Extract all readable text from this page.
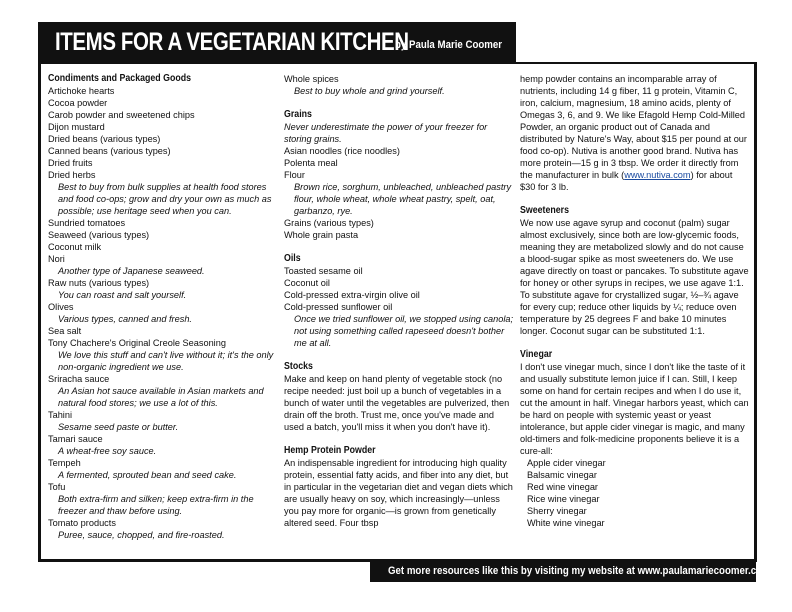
ITEMS FOR A VEGETARIAN KITCHEN
by Paula Marie Coomer
Condiments and Packaged Goods
Artichoke hearts
Cocoa powder
Carob powder and sweetened chips
Dijon mustard
Dried beans (various types)
Canned beans (various types)
Dried fruits
Dried herbs
Best to buy from bulk supplies at health food stores and food co-ops; grow and dry your own as much as possible; use heritage seed when you can.
Sundried tomatoes
Seaweed (various types)
Coconut milk
Nori
Another type of Japanese seaweed.
Raw nuts (various types)
You can roast and salt yourself.
Olives
Various types, canned and fresh.
Sea salt
Tony Chachere's Original Creole Seasoning
We love this stuff and can't live without it; it's the only non-organic ingredient we use.
Sriracha sauce
An Asian hot sauce available in Asian markets and natural food stores; we use a lot of this.
Tahini
Sesame seed paste or butter.
Tamari sauce
A wheat-free soy sauce.
Tempeh
A fermented, sprouted bean and seed cake.
Tofu
Both extra-firm and silken; keep extra-firm in the freezer and thaw before using.
Tomato products
Puree, sauce, chopped, and fire-roasted.
Whole spices
Best to buy whole and grind yourself.
Grains
Never underestimate the power of your freezer for storing grains.
Asian noodles (rice noodles)
Polenta meal
Flour
Brown rice, sorghum, unbleached, unbleached pastry flour, whole wheat, whole wheat pastry, spelt, oat, garbanzo, rye.
Grains (various types)
Whole grain pasta
Oils
Toasted sesame oil
Coconut oil
Cold-pressed extra-virgin olive oil
Cold-pressed sunflower oil
Once we tried sunflower oil, we stopped using canola; not using something called rapeseed doesn't bother me at all.
Stocks
Make and keep on hand plenty of vegetable stock (no recipe needed: just boil up a bunch of vegetables in a bunch of water until the vegetables are pulverized, then drain off the broth. Trust me, once you've made and used a batch, you'll miss it when you don't have it).
Hemp Protein Powder
An indispensable ingredient for introducing high quality protein, essential fatty acids, and fiber into any diet, but in particular in the vegetarian diet and vegan diets which are usually heavy on soy, which increasingly—unless you pay more for organic—is grown from genetically altered seed. Four tbsp
hemp powder contains an incomparable array of nutrients, including 14 g fiber, 11 g protein, Vitamin C, iron, calcium, magnesium, 18 amino acids, plenty of Omegas 3, 6, and 9. We like Efagold Hemp Cold-Milled Powder, an organic product out of Canada and distributed by Nature's Way, about $15 per pound at our food co-op). Nutiva is another good brand. Nutiva has more protein—15 g in 3 tbsp. We order it directly from the manufacturer in bulk (www.nutiva.com) for about $30 for 3 lb.
Sweeteners
We now use agave syrup and coconut (palm) sugar almost exclusively, since both are low-glycemic foods, meaning they are metabolized slowly and do not cause a blood-sugar spike as most sweeteners do. We use agave directly on toast or pancakes. To substitute agave for honey or other syrups in recipes, we use agave 1:1. To substitute agave for crystallized sugar, ½–¾ agave for every cup; reduce other liquids by ¼; reduce oven temperature by 25 degrees F and bake 10 minutes longer. Coconut sugar can be substituted 1:1.
Vinegar
I don't use vinegar much, since I don't like the taste of it and usually substitute lemon juice if I can. Still, I keep some on hand for certain recipes and when I do use it, cut the amount in half. Vinegar harbors yeast, which can be hard on people with systemic yeast or yeast intolerance, but apple cider vinegar is magic, and many old-timers and folk-medicine proponents believe it is a cure-all:
Apple cider vinegar
Balsamic vinegar
Red wine vinegar
Rice wine vinegar
Sherry vinegar
White wine vinegar
Get more resources like this by visiting my website at www.paulamariecoomer.com.
